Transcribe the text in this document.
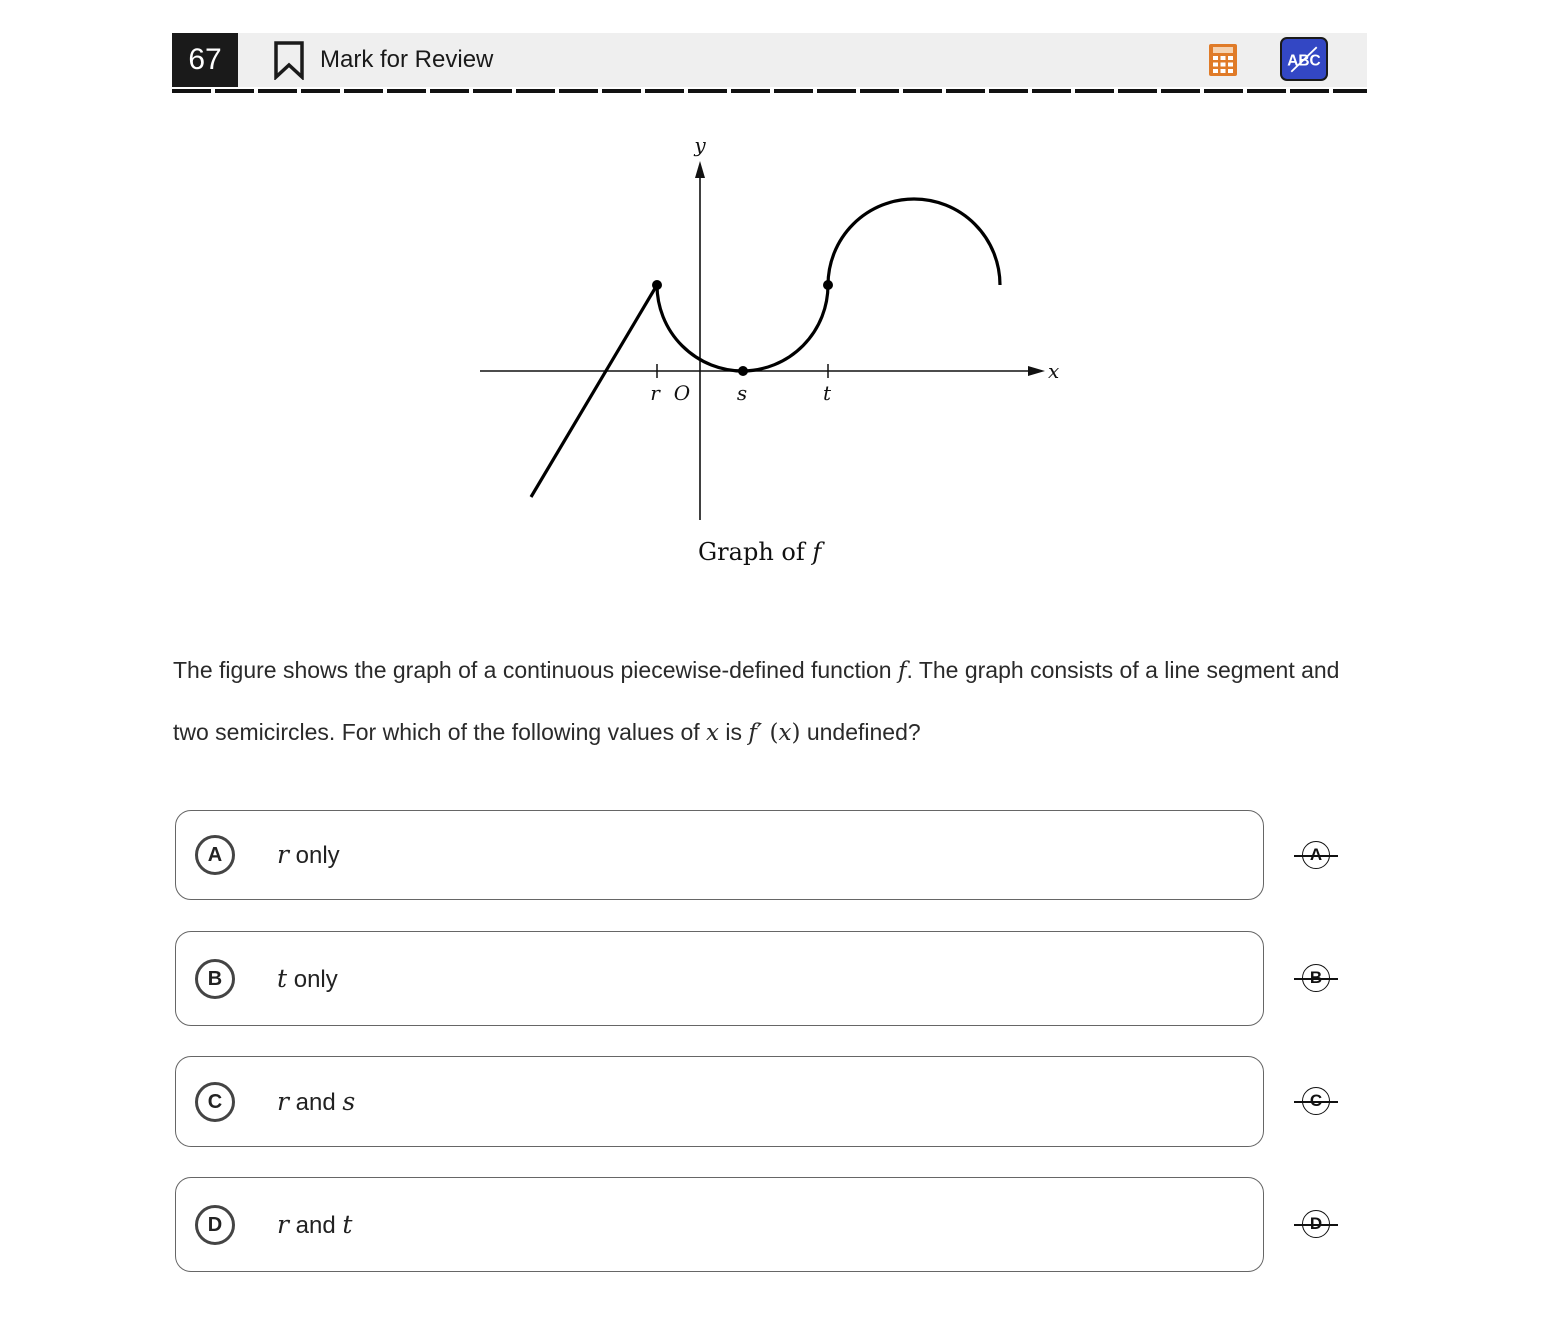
67	Mark for Review	ABC
y
x
r O s	t
Graph of f
The figure shows the graph of a continuous piecewise-defined function f. The graph consists of a line segment and two semicircles. For which of the following values of x is f′ (x) undefined?
A	r only
B	t only
C	r and s
D	r and t
